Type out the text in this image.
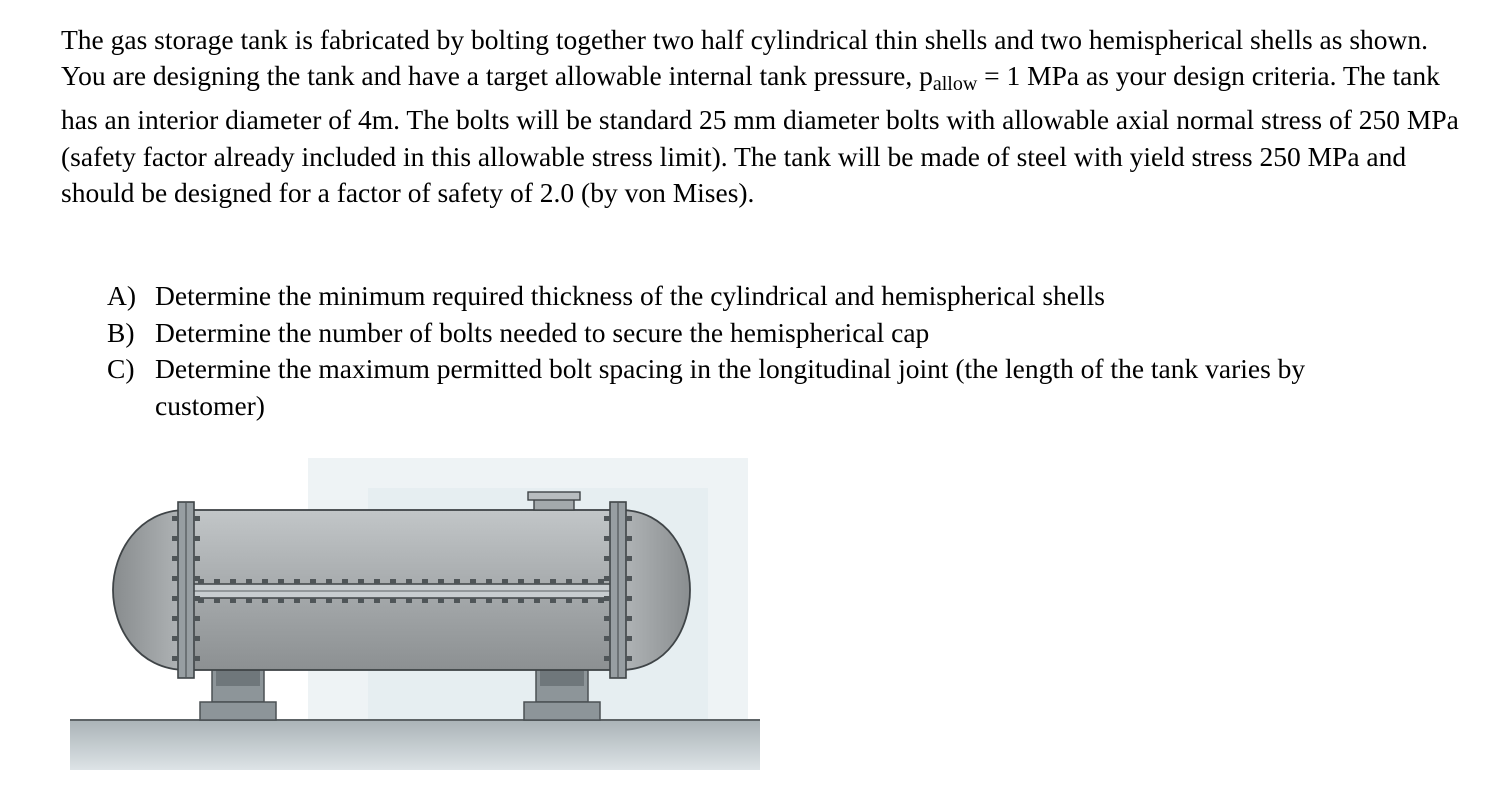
The gas storage tank is fabricated by bolting together two half cylindrical thin shells and two hemispherical shells as shown. You are designing the tank and have a target allowable internal tank pressure, $p_{allow} = 1$ MPa as your design criteria. The tank has an interior diameter of 4m. The bolts will be standard 25 mm diameter bolts with allowable axial normal stress of 250 MPa (safety factor already included in this allowable stress limit). The tank will be made of steel with yield stress 250 MPa and should be designed for a factor of safety of 2.0 (by von Mises).
A) Determine the minimum required thickness of the cylindrical and hemispherical shells
B) Determine the number of bolts needed to secure the hemispherical cap
C) Determine the maximum permitted bolt spacing in the longitudinal joint (the length of the tank varies by customer)
